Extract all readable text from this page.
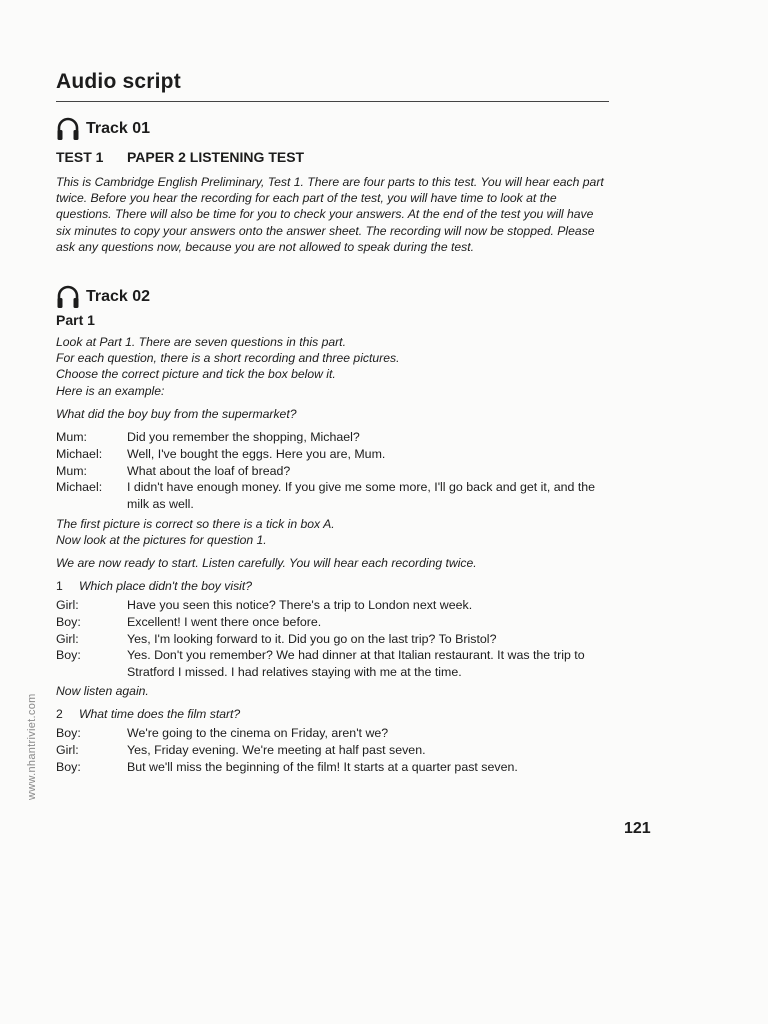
Audio script
Track 01
TEST 1 PAPER 2 LISTENING TEST
This is Cambridge English Preliminary, Test 1. There are four parts to this test. You will hear each part twice. Before you hear the recording for each part of the test, you will have time to look at the questions. There will also be time for you to check your answers. At the end of the test you will have six minutes to copy your answers onto the answer sheet. The recording will now be stopped. Please ask any questions now, because you are not allowed to speak during the test.
Track 02
Part 1
Look at Part 1. There are seven questions in this part.
For each question, there is a short recording and three pictures.
Choose the correct picture and tick the box below it.
Here is an example:
What did the boy buy from the supermarket?
Mum:	Did you remember the shopping, Michael?
Michael:	Well, I've bought the eggs. Here you are, Mum.
Mum:	What about the loaf of bread?
Michael:	I didn't have enough money. If you give me some more, I'll go back and get it, and the milk as well.
The first picture is correct so there is a tick in box A.
Now look at the pictures for question 1.
We are now ready to start. Listen carefully. You will hear each recording twice.
1 Which place didn't the boy visit?
Girl:	Have you seen this notice? There's a trip to London next week.
Boy:	Excellent! I went there once before.
Girl:	Yes, I'm looking forward to it. Did you go on the last trip? To Bristol?
Boy:	Yes. Don't you remember? We had dinner at that Italian restaurant. It was the trip to Stratford I missed. I had relatives staying with me at the time.
Now listen again.
2 What time does the film start?
Boy:	We're going to the cinema on Friday, aren't we?
Girl:	Yes, Friday evening. We're meeting at half past seven.
Boy:	But we'll miss the beginning of the film! It starts at a quarter past seven.
www.nhantriviet.com
121
